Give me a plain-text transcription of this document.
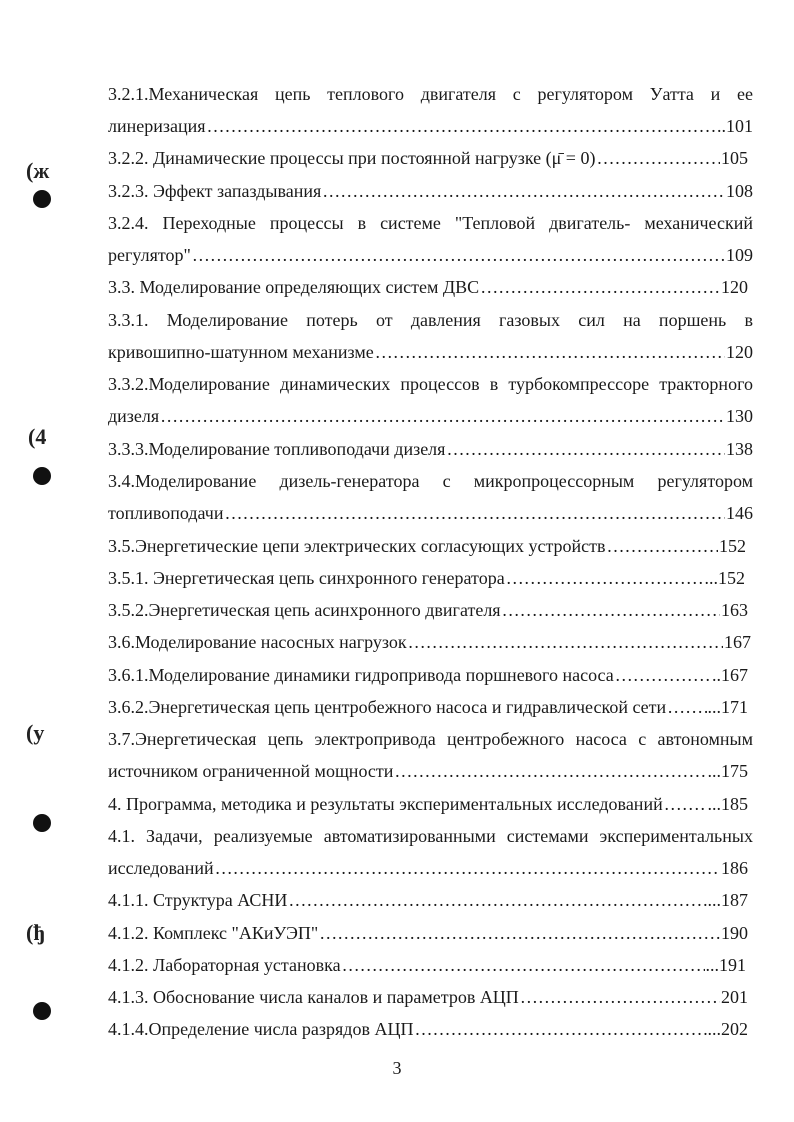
(ж
(4
(у
(ђ
3.2.1.Механическая цепь теплового двигателя с регулятором Уатта и ее
линеризация …………………………………………………………………………………………………………………………………………………………………………	..101
3.2.2. Динамические процессы при постоянной нагрузке (μ̄ = 0) …………………………………………………………………………………………………………………………………………………………………………	105
3.2.3. Эффект запаздывания …………………………………………………………………………………………………………………………………………………………………………	108
3.2.4. Переходные процессы в системе "Тепловой двигатель- механический
регулятор" …………………………………………………………………………………………………………………………………………………………………………	109
3.3. Моделирование определяющих систем ДВС …………………………………………………………………………………………………………………………………………………………………………	120
3.3.1. Моделирование потерь от давления газовых сил на поршень в
кривошипно-шатунном механизме …………………………………………………………………………………………………………………………………………………………………………	120
3.3.2.Моделирование динамических процессов в турбокомпрессоре тракторного
дизеля …………………………………………………………………………………………………………………………………………………………………………	130
3.3.3.Моделирование топливоподачи дизеля …………………………………………………………………………………………………………………………………………………………………………	138
3.4.Моделирование дизель-генератора с микропроцессорным регулятором
топливоподачи …………………………………………………………………………………………………………………………………………………………………………	146
3.5.Энергетические цепи электрических согласующих устройств …………………………………………………………………………………………………………………………………………………………………………	152
3.5.1. Энергетическая цепь синхронного генератора …………………………………………………………………………………………………………………………………………………………………………	..152
3.5.2.Энергетическая цепь асинхронного двигателя …………………………………………………………………………………………………………………………………………………………………………	163
3.6.Моделирование насосных нагрузок …………………………………………………………………………………………………………………………………………………………………………	167
3.6.1.Моделирование динамики гидропривода поршневого насоса …………………………………………………………………………………………………………………………………………………………………………	..167
3.6.2.Энергетическая цепь центробежного насоса и гидравлической сети ………………………………………………………………………………………………………………………………………………………………………… ...171
3.7.Энергетическая цепь электропривода центробежного насоса с автономным
источником ограниченной мощности …………………………………………………………………………………………………………………………………………………………………………	...175
4. Программа, методика и результаты экспериментальных исследований ………………………………………………………………………………………………………………………………………………………………………… ...185
4.1. Задачи, реализуемые автоматизированными системами экспериментальных
исследований …………………………………………………………………………………………………………………………………………………………………………	186
4.1.1. Структура АСНИ …………………………………………………………………………………………………………………………………………………………………………	...187
4.1.2. Комплекс "АКиУЭП" …………………………………………………………………………………………………………………………………………………………………………	190
4.1.2. Лабораторная установка …………………………………………………………………………………………………………………………………………………………………………	...191
4.1.3. Обоснование числа каналов и параметров АЦП …………………………………………………………………………………………………………………………………………………………………………	201
4.1.4.Определение числа разрядов АЦП …………………………………………………………………………………………………………………………………………………………………………	...202
3
